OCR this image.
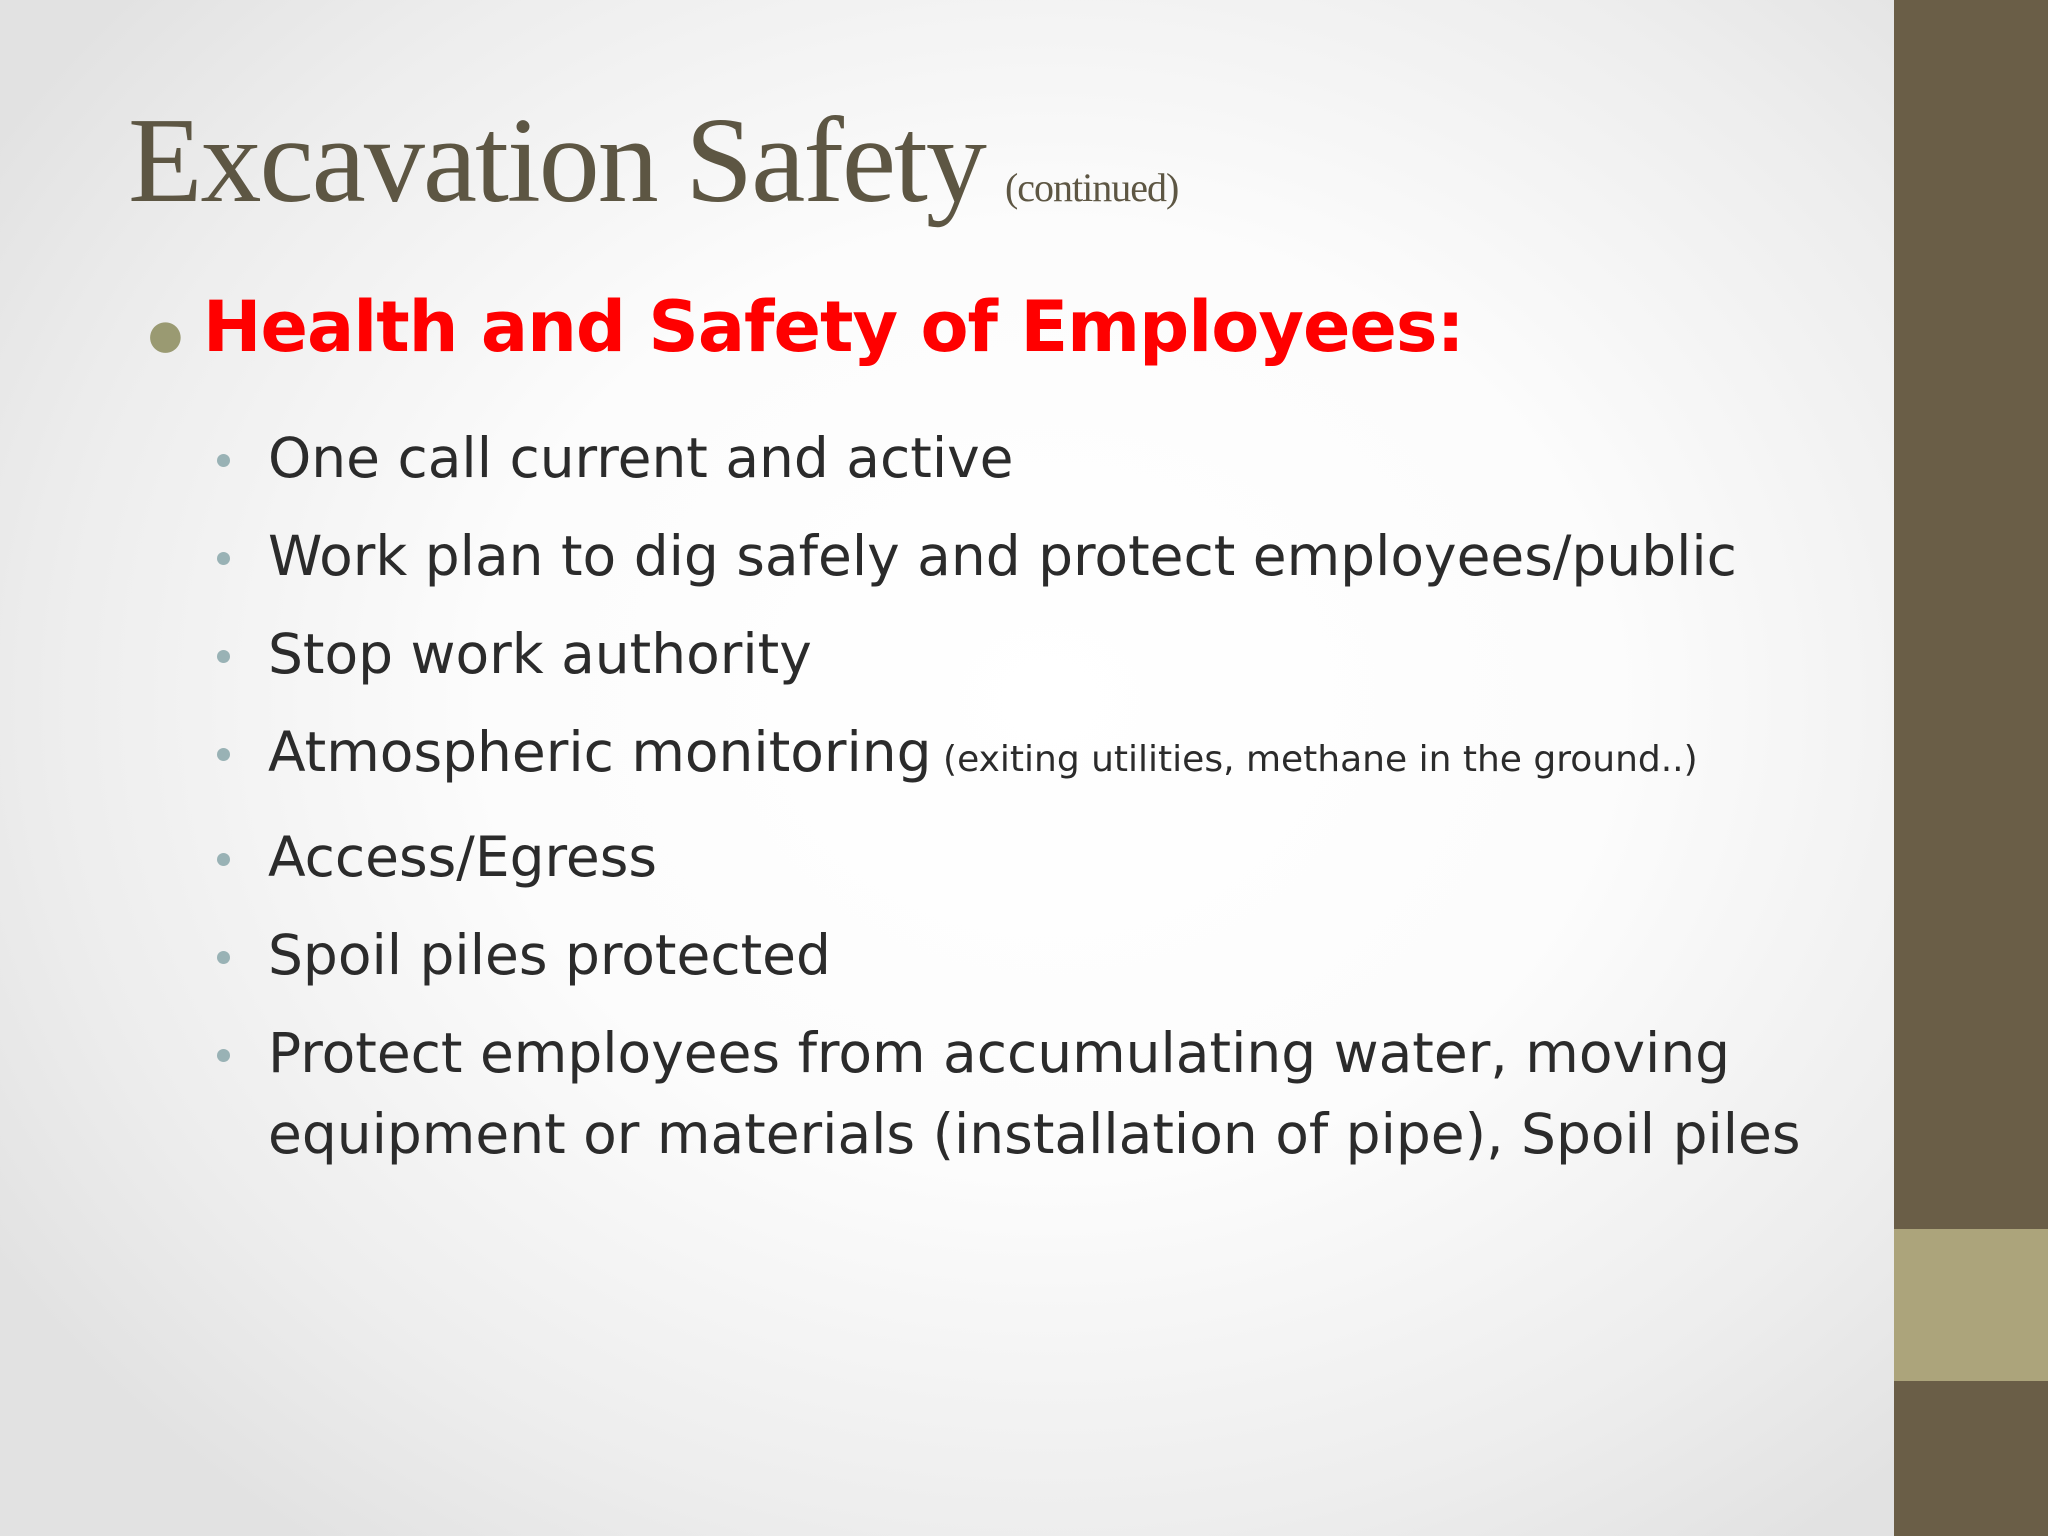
Excavation Safety (continued)
● Health and Safety of Employees:
One call current and active
Work plan to dig safely and protect employees/public
Stop work authority
Atmospheric monitoring (exiting utilities, methane in the ground..)
Access/Egress
Spoil piles protected
Protect employees from accumulating water, moving equipment or materials (installation of pipe), Spoil piles
